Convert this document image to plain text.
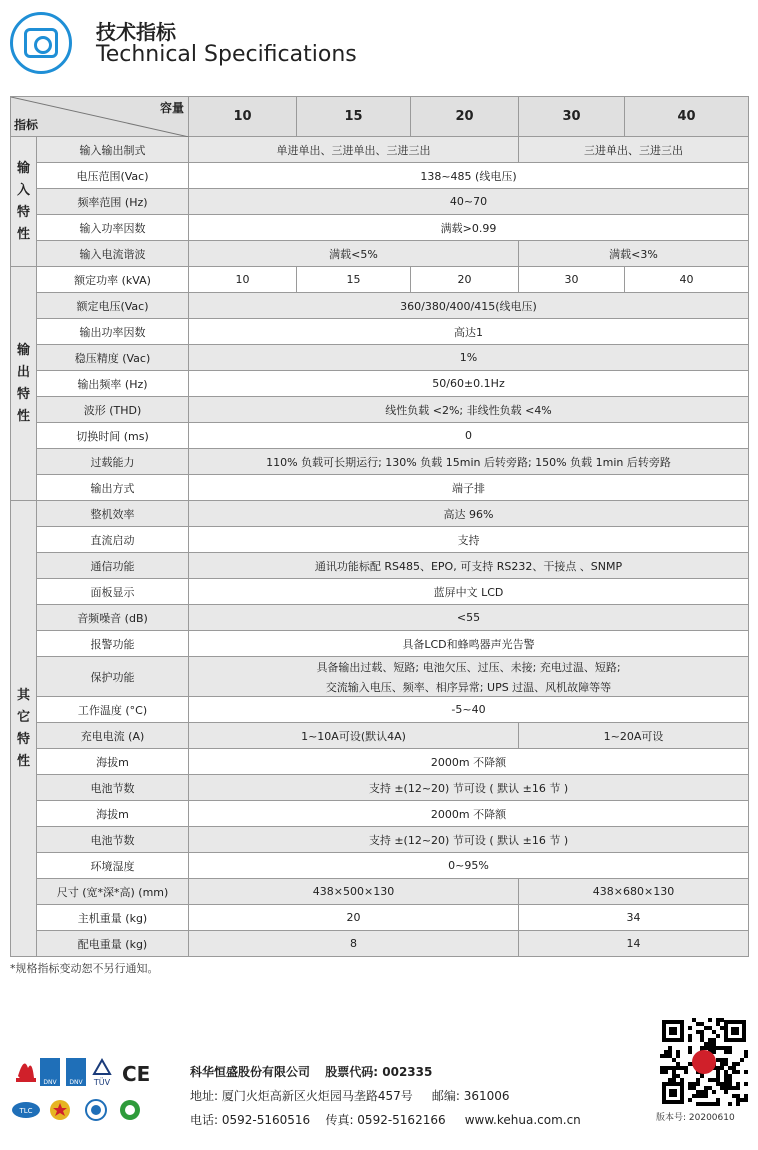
技术指标
Technical Specifications
容量
指标		10	15	20	30	40
输
入
特
性	输入输出制式	单进单出、三进单出、三进三出			三进单出、三进三出	
	电压范围(Vac)	138~485 (线电压)				

	频率范围 (Hz)	40~70				

	输入功率因数	满载>0.99				

	输入电流谐波	满载<5%			满载<3%	
输
出
特
性	额定功率 (kVA)	10	15	20	30	40
	额定电压(Vac)	360/380/400/415(线电压)				

	输出功率因数	高达1				

	稳压精度 (Vac)	1%				

	输出频率 (Hz)	50/60±0.1Hz				

	波形 (THD)	线性负载 <2%; 非线性负载 <4%				

	切换时间 (ms)	0				

	过载能力	110% 负载可长期运行; 130% 负载 15min 后转旁路; 150% 负载 1min 后转旁路				

	输出方式	端子排				

其
它
特
性	整机效率	高达 96%				

	直流启动	支持				

	通信功能	通讯功能标配 RS485、EPO, 可支持 RS232、干接点 、SNMP				

	面板显示	蓝屏中文 LCD				

	音频噪音 (dB)	<55				

	报警功能	具备LCD和蜂鸣器声光告警				

	保护功能	具备输出过载、短路; 电池欠压、过压、未接; 充电过温、短路;
交流输入电压、频率、相序异常; UPS 过温、风机故障等等				

	工作温度 (°C)	-5~40				

	充电电流 (A)	1~10A可设(默认4A)			1~20A可设	
	海拔m	2000m 不降额				

	电池节数	支持 ±(12~20) 节可设 ( 默认 ±16 节 )				

	海拔m	2000m 不降额				

	电池节数	支持 ±(12~20) 节可设 ( 默认 ±16 节 )				

	环境湿度	0~95%				

	尺寸 (宽*深*高) (mm)	438×500×130			438×680×130	
	主机重量 (kg)	20			34	
	配电重量 (kg)	8			14	
*规格指标变动恕不另行通知。
DNV DNV TÜV CE
TLC
科华恒盛股份有限公司 股票代码: 002335
地址: 厦门火炬高新区火炬园马垄路457号 邮编: 361006
电话: 0592-5160516 传真: 0592-5162166 www.kehua.com.cn	版本号: 20200610
